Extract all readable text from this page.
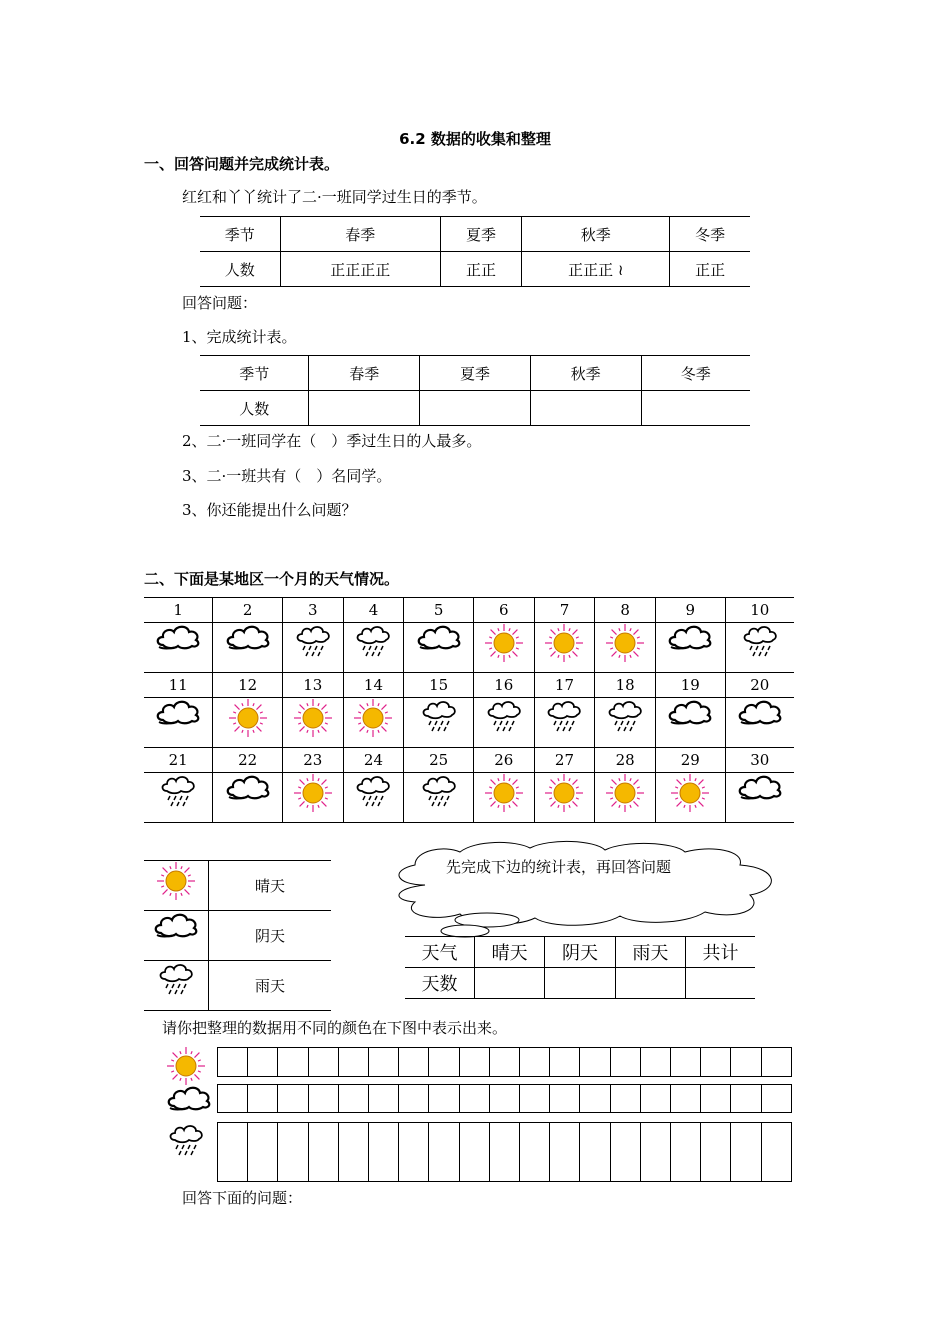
6.2 数据的收集和整理
一、回答问题并完成统计表。
红红和丫丫统计了二·一班同学过生日的季节。
季节	春季	夏季	秋季	冬季
人数	正正正正	正正	正正正 ≀	正正
回答问题：
1、完成统计表。
季节	春季	夏季	秋季	冬季
人数				
2、二·一班同学在（　）季过生日的人最多。
3、二·一班共有（　）名同学。
3、你还能提出什么问题？
二、下面是某地区一个月的天气情况。
1	2	3	4	5	6	7	8	9	10

11	12	13	14	15	16	17	18	19	20

21	22	23	24	25	26	27	28	29	30

	晴天
	阴天
	雨天
先完成下边的统计表，再回答问题
天气	晴天	阴天	雨天	共计
天数				
请你把整理的数据用不同的颜色在下图中表示出来。

回答下面的问题：
